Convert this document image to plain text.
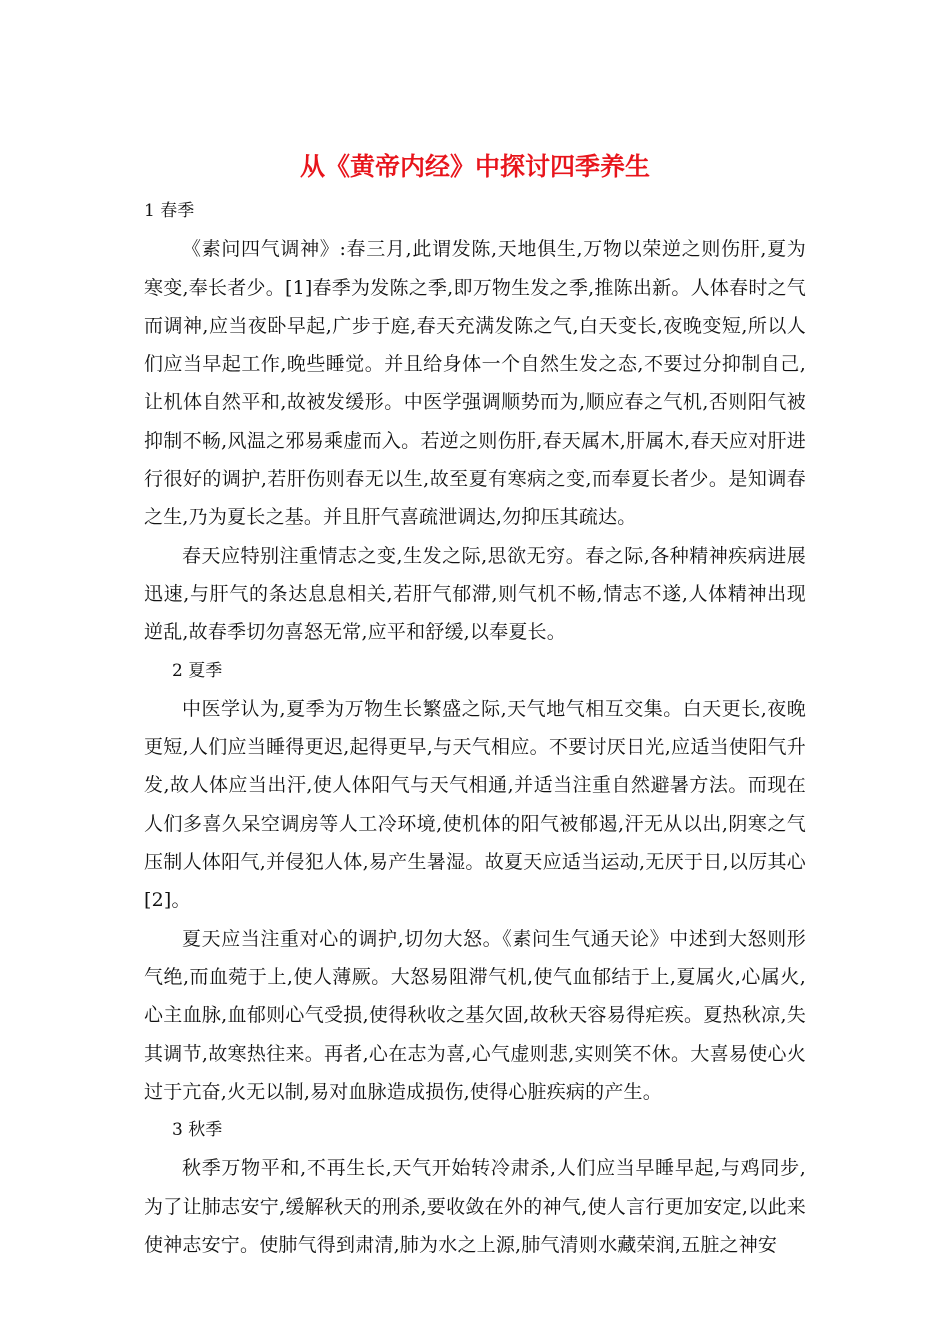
从《黄帝内经》中探讨四季养生

1 春季

《素问四气调神》:春三月,此谓发陈,天地俱生,万物以荣逆之则伤肝,夏为寒变,奉长者少。[1]春季为发陈之季,即万物生发之季,推陈出新。人体春时之气而调神,应当夜卧早起,广步于庭,春天充满发陈之气,白天变长,夜晚变短,所以人们应当早起工作,晚些睡觉。并且给身体一个自然生发之态,不要过分抑制自己,让机体自然平和,故被发缓形。中医学强调顺势而为,顺应春之气机,否则阳气被抑制不畅,风温之邪易乘虚而入。若逆之则伤肝,春天属木,肝属木,春天应对肝进行很好的调护,若肝伤则春无以生,故至夏有寒病之变,而奉夏长者少。是知调春之生,乃为夏长之基。并且肝气喜疏泄调达,勿抑压其疏达。

春天应特别注重情志之变,生发之际,思欲无穷。春之际,各种精神疾病进展迅速,与肝气的条达息息相关,若肝气郁滞,则气机不畅,情志不遂,人体精神出现逆乱,故春季切勿喜怒无常,应平和舒缓,以奉夏长。

2 夏季

中医学认为,夏季为万物生长繁盛之际,天气地气相互交集。白天更长,夜晚更短,人们应当睡得更迟,起得更早,与天气相应。不要讨厌日光,应适当使阳气升发,故人体应当出汗,使人体阳气与天气相通,并适当注重自然避暑方法。而现在人们多喜久呆空调房等人工冷环境,使机体的阳气被郁遏,汗无从以出,阴寒之气压制人体阳气,并侵犯人体,易产生暑湿。故夏天应适当运动,无厌于日,以厉其心[2]。

夏天应当注重对心的调护,切勿大怒。《素问生气通天论》中述到大怒则形气绝,而血菀于上,使人薄厥。大怒易阻滞气机,使气血郁结于上,夏属火,心属火,心主血脉,血郁则心气受损,使得秋收之基欠固,故秋天容易得疟疾。夏热秋凉,失其调节,故寒热往来。再者,心在志为喜,心气虚则悲,实则笑不休。大喜易使心火过于亢奋,火无以制,易对血脉造成损伤,使得心脏疾病的产生。

3 秋季

秋季万物平和,不再生长,天气开始转冷肃杀,人们应当早睡早起,与鸡同步,为了让肺志安宁,缓解秋天的刑杀,要收敛在外的神气,使人言行更加安定,以此来使神志安宁。使肺气得到肃清,肺为水之上源,肺气清则水藏荣润,五脏之神安
